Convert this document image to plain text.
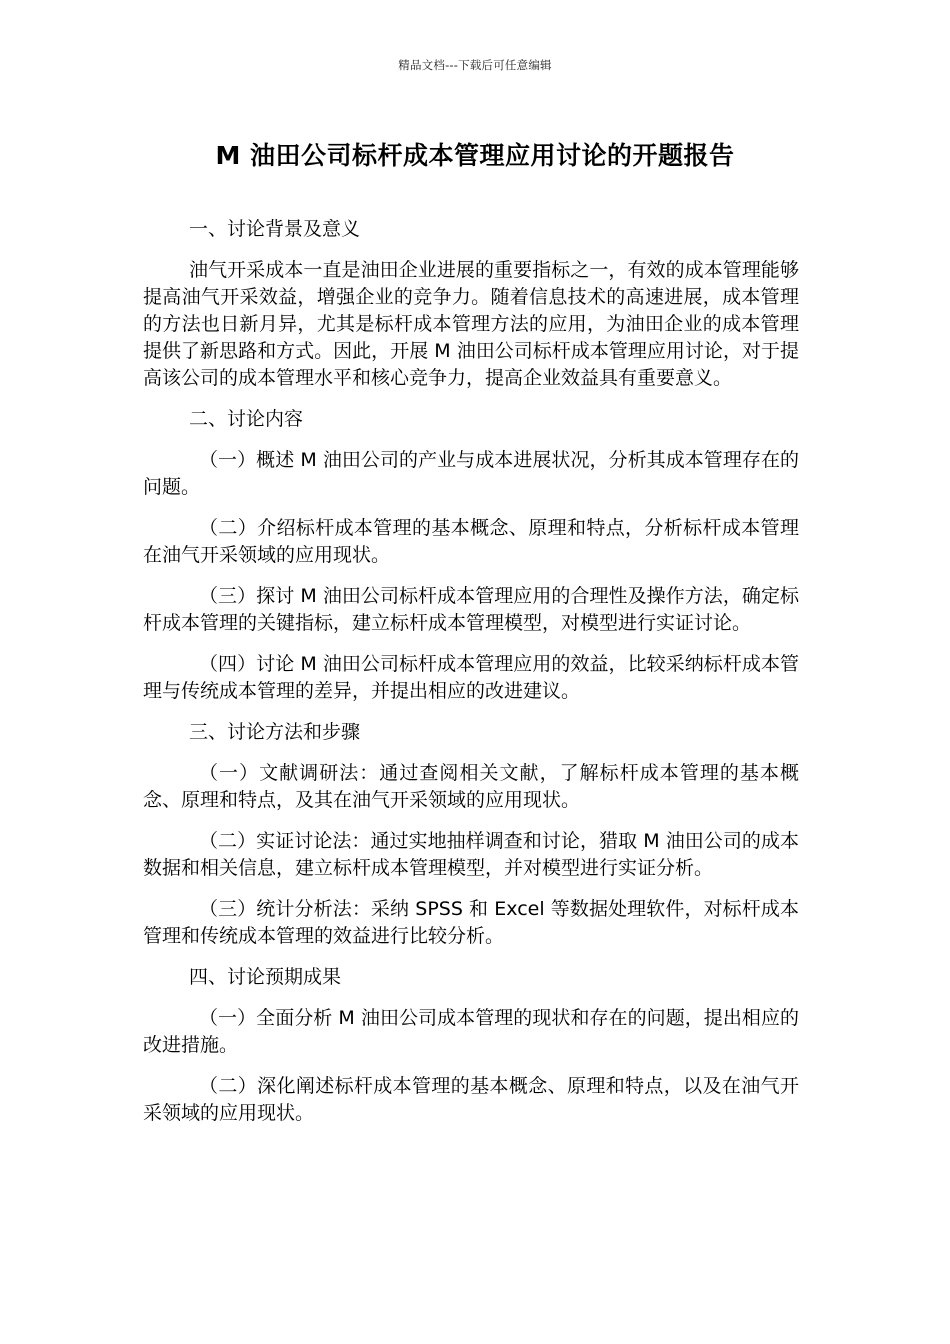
精品文档---下载后可任意编辑
M 油田公司标杆成本管理应用讨论的开题报告

一、讨论背景及意义

油气开采成本一直是油田企业进展的重要指标之一，有效的成本管理能够提高油气开采效益，增强企业的竞争力。随着信息技术的高速进展，成本管理的方法也日新月异，尤其是标杆成本管理方法的应用，为油田企业的成本管理提供了新思路和方式。因此，开展 M 油田公司标杆成本管理应用讨论，对于提高该公司的成本管理水平和核心竞争力，提高企业效益具有重要意义。

二、讨论内容

（一）概述 M 油田公司的产业与成本进展状况，分析其成本管理存在的问题。

（二）介绍标杆成本管理的基本概念、原理和特点，分析标杆成本管理在油气开采领域的应用现状。

（三）探讨 M 油田公司标杆成本管理应用的合理性及操作方法，确定标杆成本管理的关键指标，建立标杆成本管理模型，对模型进行实证讨论。

（四）讨论 M 油田公司标杆成本管理应用的效益，比较采纳标杆成本管理与传统成本管理的差异，并提出相应的改进建议。

三、讨论方法和步骤

（一）文献调研法：通过查阅相关文献，了解标杆成本管理的基本概念、原理和特点，及其在油气开采领域的应用现状。

（二）实证讨论法：通过实地抽样调查和讨论，猎取 M 油田公司的成本数据和相关信息，建立标杆成本管理模型，并对模型进行实证分析。

（三）统计分析法：采纳 SPSS 和 Excel 等数据处理软件，对标杆成本管理和传统成本管理的效益进行比较分析。

四、讨论预期成果

（一）全面分析 M 油田公司成本管理的现状和存在的问题，提出相应的改进措施。

（二）深化阐述标杆成本管理的基本概念、原理和特点，以及在油气开采领域的应用现状。
